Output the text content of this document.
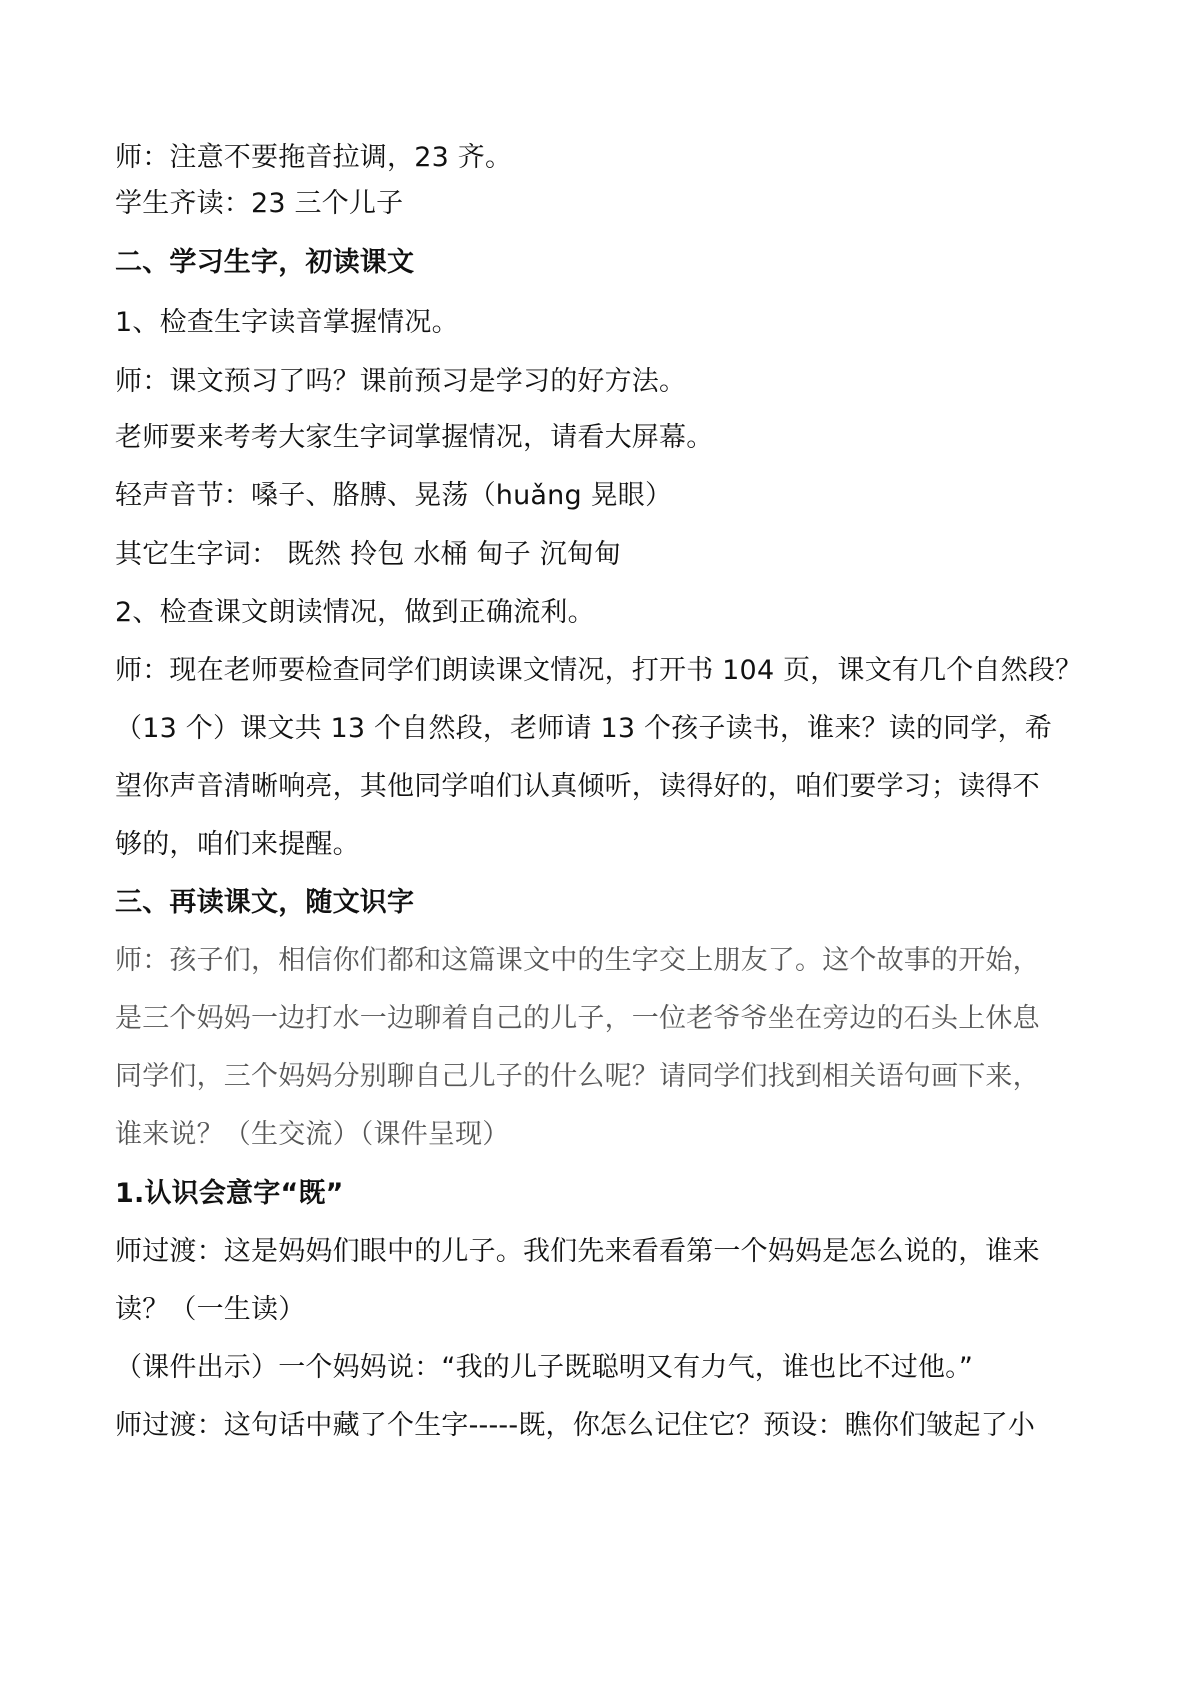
师：注意不要拖音拉调，23 齐。
学生齐读：23 三个儿子
二、学习生字，初读课文
1、检查生字读音掌握情况。
师：课文预习了吗？课前预习是学习的好方法。
老师要来考考大家生字词掌握情况，请看大屏幕。
轻声音节：嗓子、胳膊、晃荡（huǎng 晃眼）
其它生字词： 既然 拎包 水桶 甸子 沉甸甸
2、检查课文朗读情况，做到正确流利。
师：现在老师要检查同学们朗读课文情况，打开书 104 页，课文有几个自然段？
（13 个）课文共 13 个自然段，老师请 13 个孩子读书，谁来？读的同学，希
望你声音清晰响亮，其他同学咱们认真倾听，读得好的，咱们要学习；读得不
够的，咱们来提醒。
三、再读课文，随文识字
师：孩子们，相信你们都和这篇课文中的生字交上朋友了。这个故事的开始，
是三个妈妈一边打水一边聊着自己的儿子，一位老爷爷坐在旁边的石头上休息
同学们，三个妈妈分别聊自己儿子的什么呢？请同学们找到相关语句画下来，
谁来说？（生交流）（课件呈现）
1.认识会意字“既”
师过渡：这是妈妈们眼中的儿子。我们先来看看第一个妈妈是怎么说的，谁来
读？（一生读）
（课件出示）一个妈妈说：“我的儿子既聪明又有力气，谁也比不过他。”
师过渡：这句话中藏了个生字-----既，你怎么记住它？预设：瞧你们皱起了小
